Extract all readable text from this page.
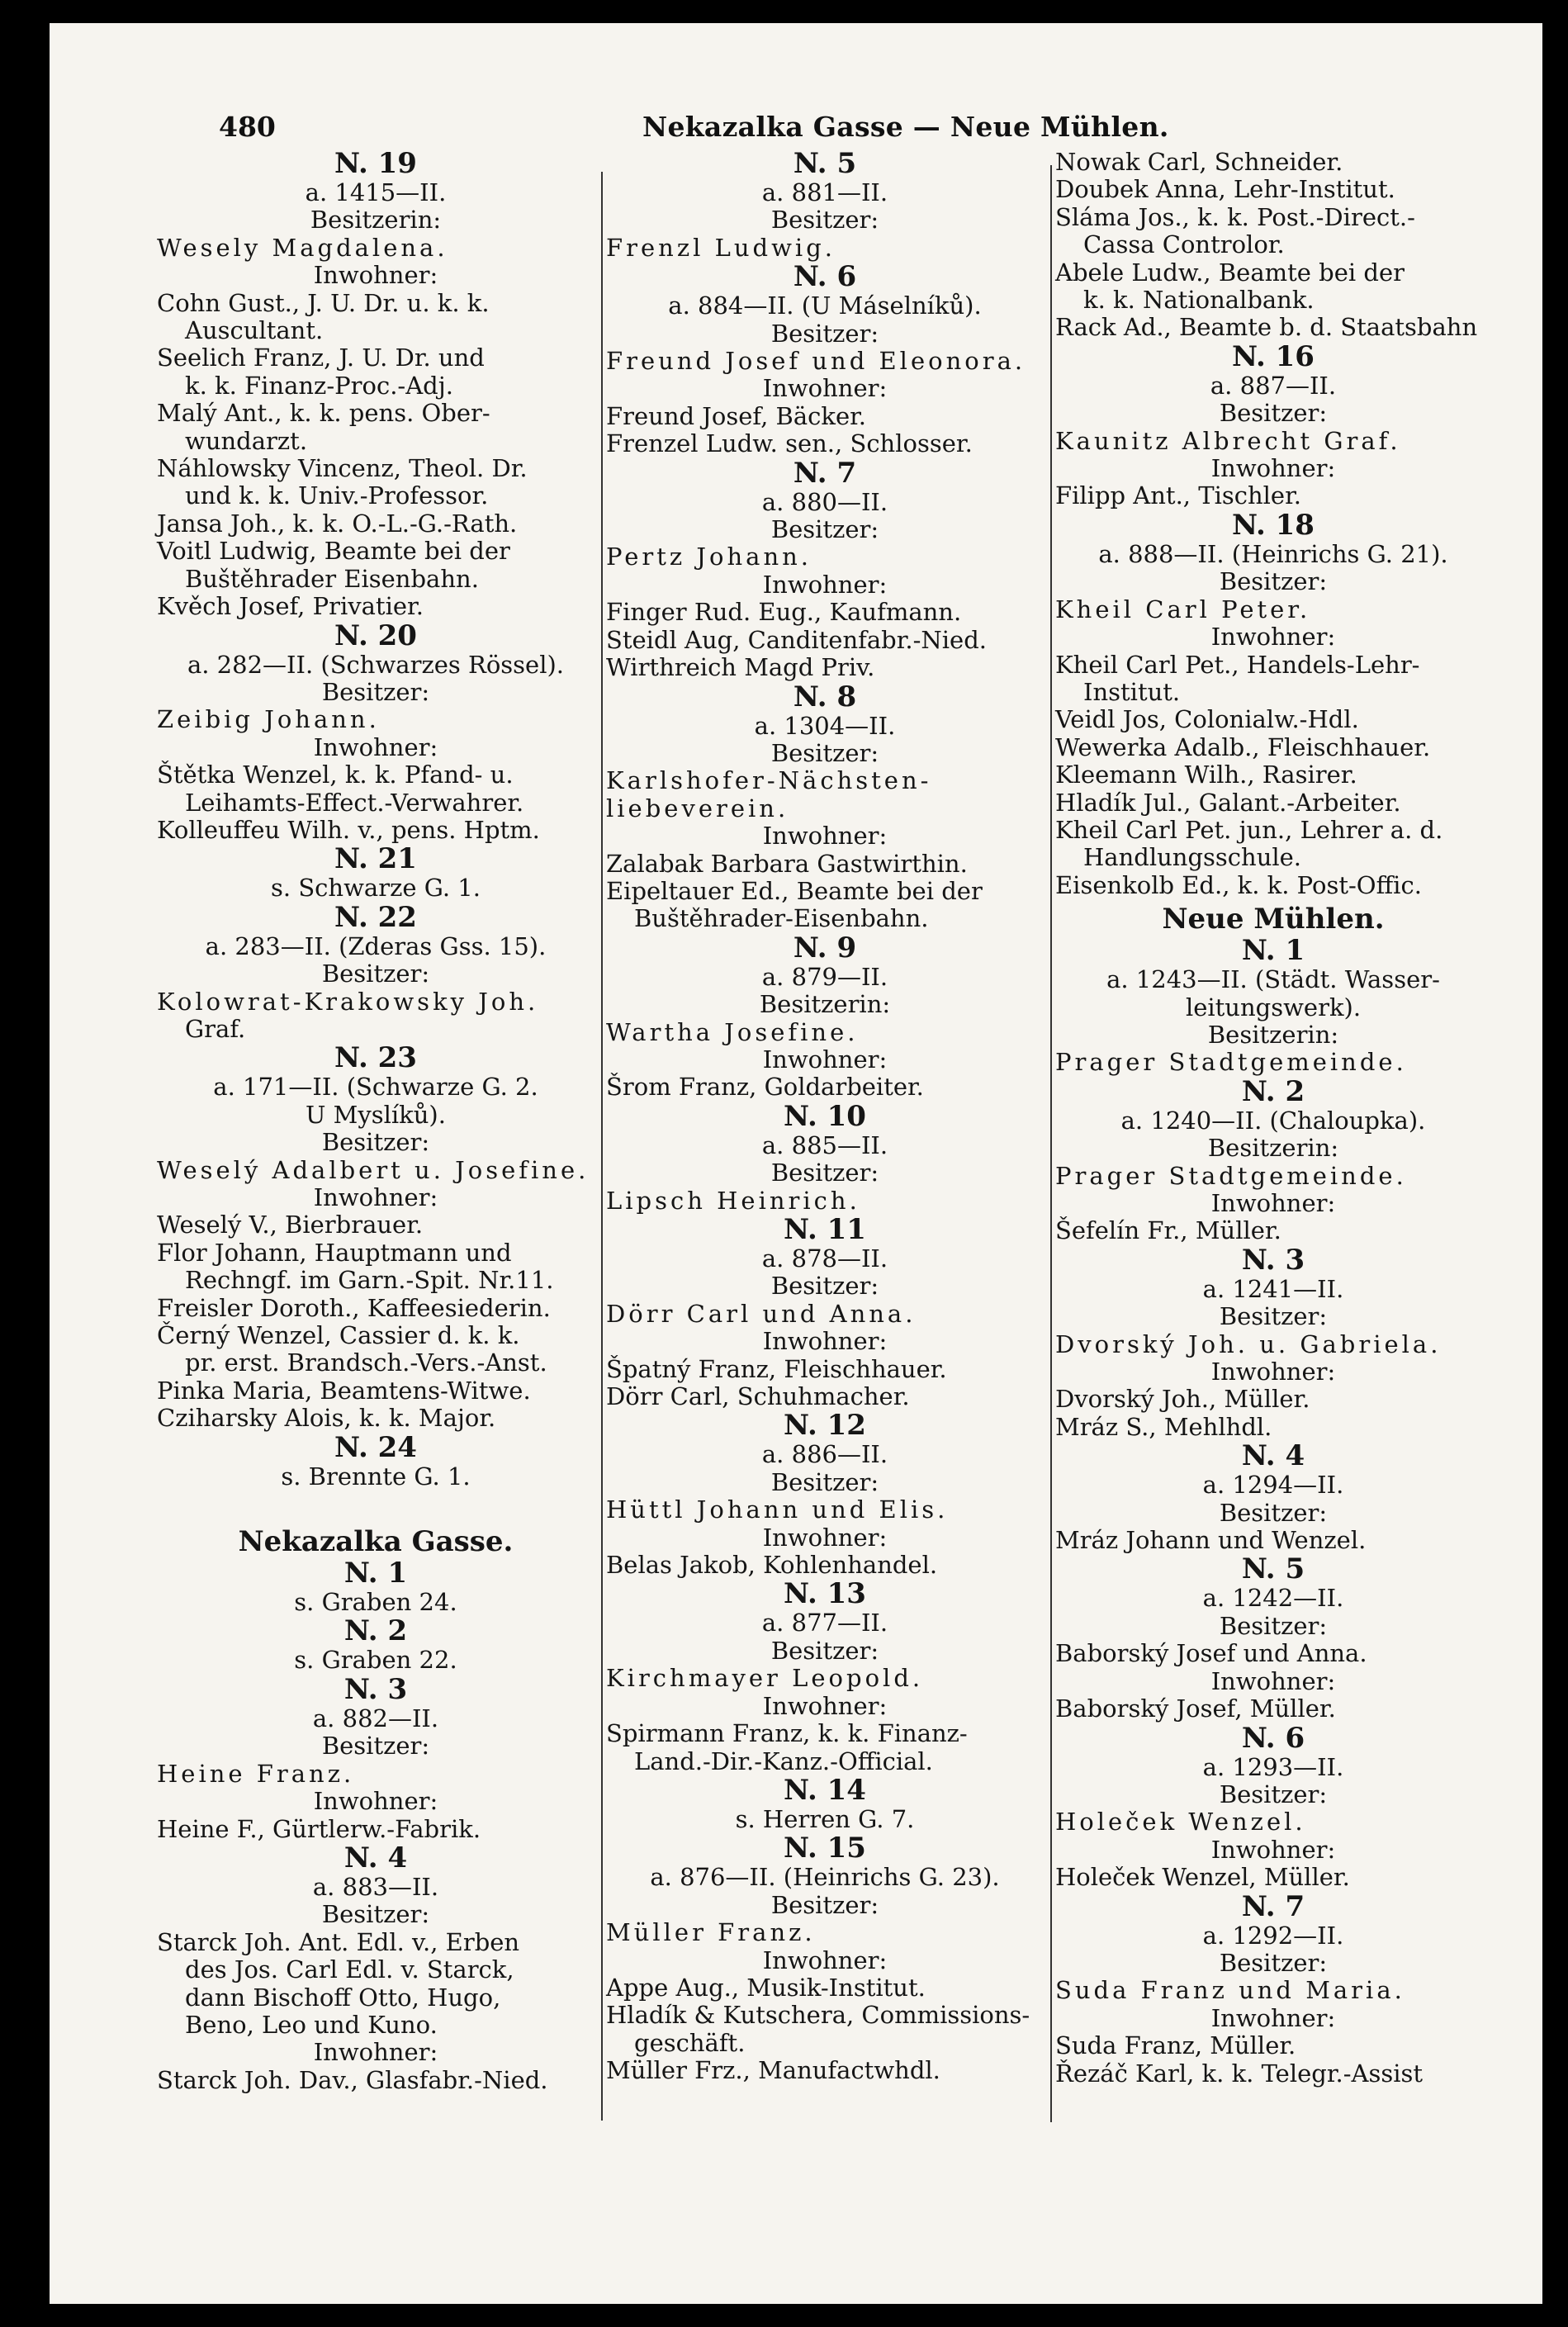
480	Nekazalka Gasse — Neue Mühlen.
N. 19
a. 1415—II.
Besitzerin:
Wesely Magdalena.
Inwohner:
Cohn Gust., J. U. Dr. u. k. k.
Auscultant.
Seelich Franz, J. U. Dr. und
k. k. Finanz-Proc.-Adj.
Malý Ant., k. k. pens. Ober-
wundarzt.
Náhlowsky Vincenz, Theol. Dr.
und k. k. Univ.-Professor.
Jansa Joh., k. k. O.-L.-G.-Rath.
Voitl Ludwig, Beamte bei der
Buštěhrader Eisenbahn.
Kvěch Josef, Privatier.
N. 20
a. 282—II. (Schwarzes Rössel).
Besitzer:
Zeibig Johann.
Inwohner:
Štětka Wenzel, k. k. Pfand- u.
Leihamts-Effect.-Verwahrer.
Kolleuffeu Wilh. v., pens. Hptm.
N. 21
s. Schwarze G. 1.
N. 22
a. 283—II. (Zderas Gss. 15).
Besitzer:
Kolowrat-Krakowsky Joh.
Graf.
N. 23
a. 171—II. (Schwarze G. 2.
U Myslíků).
Besitzer:
Weselý Adalbert u. Josefine.
Inwohner:
Weselý V., Bierbrauer.
Flor Johann, Hauptmann und
Rechngf. im Garn.-Spit. Nr.11.
Freisler Doroth., Kaffeesiederin.
Černý Wenzel, Cassier d. k. k.
pr. erst. Brandsch.-Vers.-Anst.
Pinka Maria, Beamtens-Witwe.
Cziharsky Alois, k. k. Major.
N. 24
s. Brennte G. 1.
Nekazalka Gasse.
N. 1
s. Graben 24.
N. 2
s. Graben 22.
N. 3
a. 882—II.
Besitzer:
Heine Franz.
Inwohner:
Heine F., Gürtlerw.-Fabrik.
N. 4
a. 883—II.
Besitzer:
Starck Joh. Ant. Edl. v., Erben
des Jos. Carl Edl. v. Starck,
dann Bischoff Otto, Hugo,
Beno, Leo und Kuno.
Inwohner:
Starck Joh. Dav., Glasfabr.-Nied.
N. 5
a. 881—II.
Besitzer:
Frenzl Ludwig.
N. 6
a. 884—II. (U Máselníků).
Besitzer:
Freund Josef und Eleonora.
Inwohner:
Freund Josef, Bäcker.
Frenzel Ludw. sen., Schlosser.
N. 7
a. 880—II.
Besitzer:
Pertz Johann.
Inwohner:
Finger Rud. Eug., Kaufmann.
Steidl Aug, Canditenfabr.-Nied.
Wirthreich Magd Priv.
N. 8
a. 1304—II.
Besitzer:
Karlshofer-Nächsten-
liebeverein.
Inwohner:
Zalabak Barbara Gastwirthin.
Eipeltauer Ed., Beamte bei der
Buštěhrader-Eisenbahn.
N. 9
a. 879—II.
Besitzerin:
Wartha Josefine.
Inwohner:
Šrom Franz, Goldarbeiter.
N. 10
a. 885—II.
Besitzer:
Lipsch Heinrich.
N. 11
a. 878—II.
Besitzer:
Dörr Carl und Anna.
Inwohner:
Špatný Franz, Fleischhauer.
Dörr Carl, Schuhmacher.
N. 12
a. 886—II.
Besitzer:
Hüttl Johann und Elis.
Inwohner:
Belas Jakob, Kohlenhandel.
N. 13
a. 877—II.
Besitzer:
Kirchmayer Leopold.
Inwohner:
Spirmann Franz, k. k. Finanz-
Land.-Dir.-Kanz.-Official.
N. 14
s. Herren G. 7.
N. 15
a. 876—II. (Heinrichs G. 23).
Besitzer:
Müller Franz.
Inwohner:
Appe Aug., Musik-Institut.
Hladík & Kutschera, Commissions-
geschäft.
Müller Frz., Manufactwhdl.
Nowak Carl, Schneider.
Doubek Anna, Lehr-Institut.
Sláma Jos., k. k. Post.-Direct.-
Cassa Controlor.
Abele Ludw., Beamte bei der
k. k. Nationalbank.
Rack Ad., Beamte b. d. Staatsbahn
N. 16
a. 887—II.
Besitzer:
Kaunitz Albrecht Graf.
Inwohner:
Filipp Ant., Tischler.
N. 18
a. 888—II. (Heinrichs G. 21).
Besitzer:
Kheil Carl Peter.
Inwohner:
Kheil Carl Pet., Handels-Lehr-
Institut.
Veidl Jos, Colonialw.-Hdl.
Wewerka Adalb., Fleischhauer.
Kleemann Wilh., Rasirer.
Hladík Jul., Galant.-Arbeiter.
Kheil Carl Pet. jun., Lehrer a. d.
Handlungsschule.
Eisenkolb Ed., k. k. Post-Offic.
Neue Mühlen.
N. 1
a. 1243—II. (Städt. Wasser-
leitungswerk).
Besitzerin:
Prager Stadtgemeinde.
N. 2
a. 1240—II. (Chaloupka).
Besitzerin:
Prager Stadtgemeinde.
Inwohner:
Šefelín Fr., Müller.
N. 3
a. 1241—II.
Besitzer:
Dvorský Joh. u. Gabriela.
Inwohner:
Dvorský Joh., Müller.
Mráz S., Mehlhdl.
N. 4
a. 1294—II.
Besitzer:
Mráz Johann und Wenzel.
N. 5
a. 1242—II.
Besitzer:
Baborský Josef und Anna.
Inwohner:
Baborský Josef, Müller.
N. 6
a. 1293—II.
Besitzer:
Holeček Wenzel.
Inwohner:
Holeček Wenzel, Müller.
N. 7
a. 1292—II.
Besitzer:
Suda Franz und Maria.
Inwohner:
Suda Franz, Müller.
Řezáč Karl, k. k. Telegr.-Assist
